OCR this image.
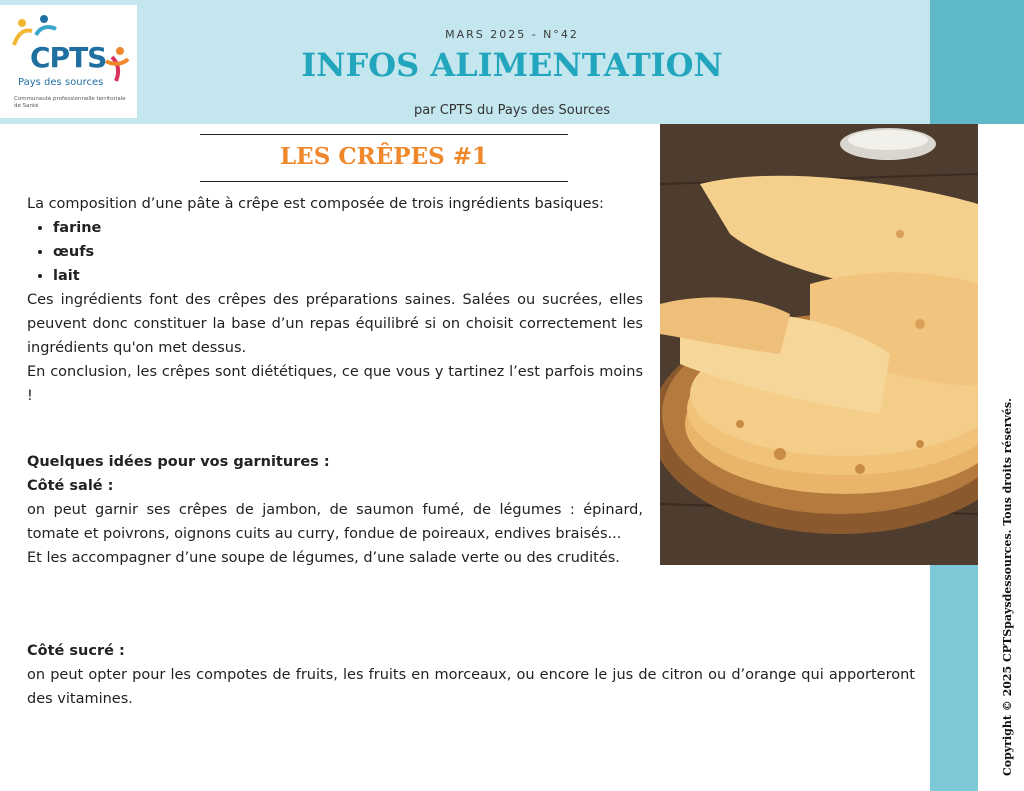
CPTS
Pays des sources
Communauté professionnelle territoriale de Santé
MARS 2025 - N°42
INFOS ALIMENTATION
par CPTS du Pays des Sources
LES CRÊPES #1

La composition d’une pâte à crêpe est composée de trois ingrédients basiques:

• farine
• œufs
• lait

Ces ingrédients font des crêpes des préparations saines. Salées ou sucrées, elles peuvent donc constituer la base d’un repas équilibré si on choisit correctement les ingrédients qu'on met dessus.

En conclusion, les crêpes sont diététiques, ce que vous y tartinez l’est parfois moins !

Quelques idées pour vos garnitures :

Côté salé :

on peut garnir ses crêpes de jambon, de saumon fumé, de légumes : épinard, tomate et poivrons, oignons cuits au curry, fondue de poireaux, endives braisés...

Et les accompagner d’une soupe de légumes, d’une salade verte ou des crudités.

Côté sucré :

on peut opter pour les compotes de fruits, les fruits en morceaux, ou encore le jus de citron ou d’orange qui apporteront des vitamines.	Copyright © 2025 CPTSpaysdessources. Tous droits réservés.
